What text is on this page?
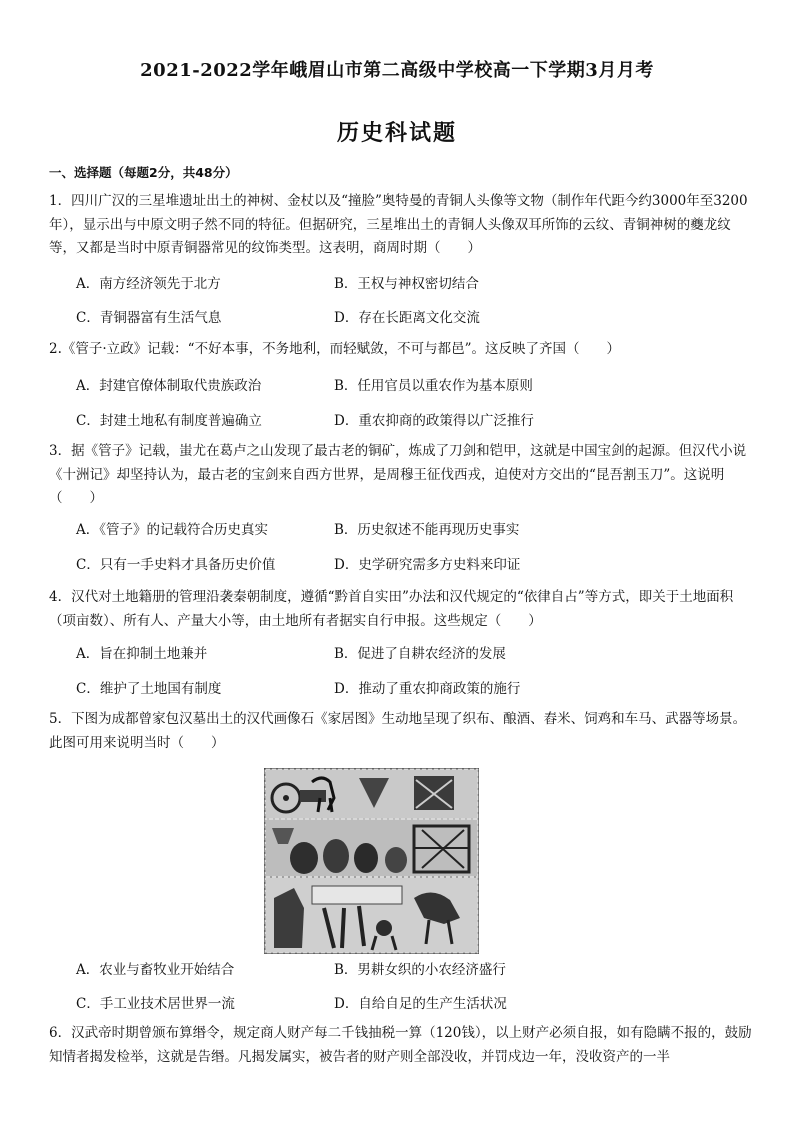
2021-2022学年峨眉山市第二高级中学校高一下学期3月月考
历史科试题
一、选择题（每题2分，共48分）
1．四川广汉的三星堆遗址出土的神树、金杖以及“撞脸”奥特曼的青铜人头像等文物（制作年代距今约3000年至3200年），显示出与中原文明子然不同的特征。但据研究，三星堆出土的青铜人头像双耳所饰的云纹、青铜神树的夔龙纹等，又都是当时中原青铜器常见的纹饰类型。这表明，商周时期（　　）
A．南方经济领先于北方	B．王权与神权密切结合
C．青铜器富有生活气息	D．存在长距离文化交流
2.《管子·立政》记载：“不好本事，不务地利，而轻赋敛，不可与都邑”。这反映了齐国（　　）
A．封建官僚体制取代贵族政治	B．任用官员以重农作为基本原则
C．封建土地私有制度普遍确立	D．重农抑商的政策得以广泛推行
3．据《管子》记载，蚩尤在葛卢之山发现了最古老的铜矿，炼成了刀剑和铠甲，这就是中国宝剑的起源。但汉代小说《十洲记》却坚持认为，最古老的宝剑来自西方世界，是周穆王征伐西戎，迫使对方交出的“昆吾割玉刀”。这说明（　　）
A．《管子》的记载符合历史真实	B．历史叙述不能再现历史事实
C．只有一手史料才具备历史价值	D．史学研究需多方史料来印证
4．汉代对土地籍册的管理沿袭秦朝制度，遵循“黔首自实田”办法和汉代规定的“依律自占”等方式，即关于土地面积（项亩数）、所有人、产量大小等，由土地所有者据实自行申报。这些规定（　　）
A．旨在抑制土地兼并	B．促进了自耕农经济的发展
C．维护了土地国有制度	D．推动了重农抑商政策的施行
5．下图为成都曾家包汉墓出土的汉代画像石《家居图》生动地呈现了织布、酿酒、舂米、饲鸡和车马、武器等场景。此图可用来说明当时（　　）
A．农业与畜牧业开始结合	B．男耕女织的小农经济盛行
C．手工业技术居世界一流	D．自给自足的生产生活状况
6．汉武帝时期曾颁布算缗令，规定商人财产每二千钱抽税一算（120钱），以上财产必须自报，如有隐瞒不报的，鼓励知情者揭发检举，这就是告缗。凡揭发属实，被告者的财产则全部没收，并罚戍边一年，没收资产的一半
